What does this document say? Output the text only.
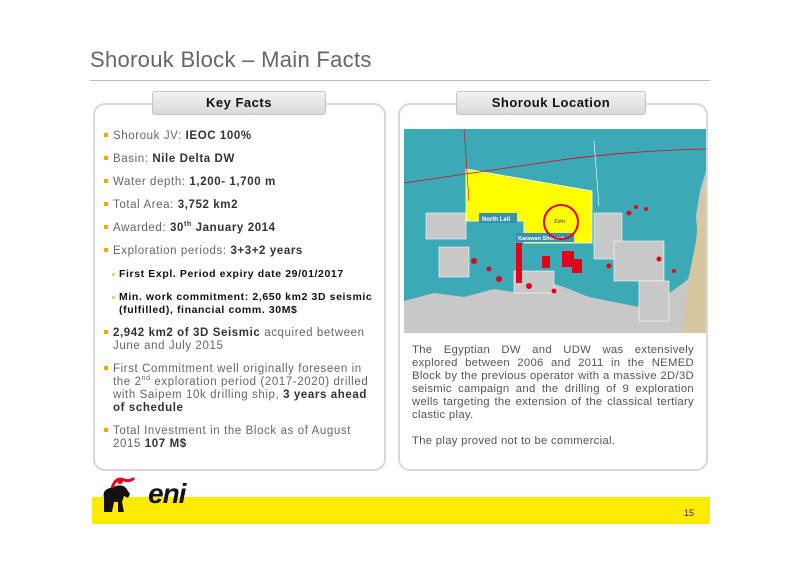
Shorouk Block – Main Facts
Key Facts	Shorouk Location
Shorouk JV: IEOC 100%
Basin: Nile Delta DW
Water depth: 1,200- 1,700 m
Total Area: 3,752 km2
Awarded: 30th January 2014
Exploration periods: 3+3+2 years
First Expl. Period expiry date 29/01/2017
Min. work commitment: 2,650 km2 3D seismic (fulfilled), financial comm. 30M$
2,942 km2 of 3D Seismic acquired between June and July 2015
First Commitment well originally foreseen in the 2nd exploration period (2017-2020) drilled with Saipem 10k drilling ship, 3 years ahead of schedule
Total Investment in the Block as of August 2015 107 M$
North Leil
Karawan Shorouk
Zohr

The Egyptian DW and UDW was extensively explored between 2006 and 2011 in the NEMED Block by the previous operator with a massive 2D/3D seismic campaign and the drilling of 9 exploration wells targeting the extension of the classical tertiary clastic play.

The play proved not to be commercial.

15
eni
